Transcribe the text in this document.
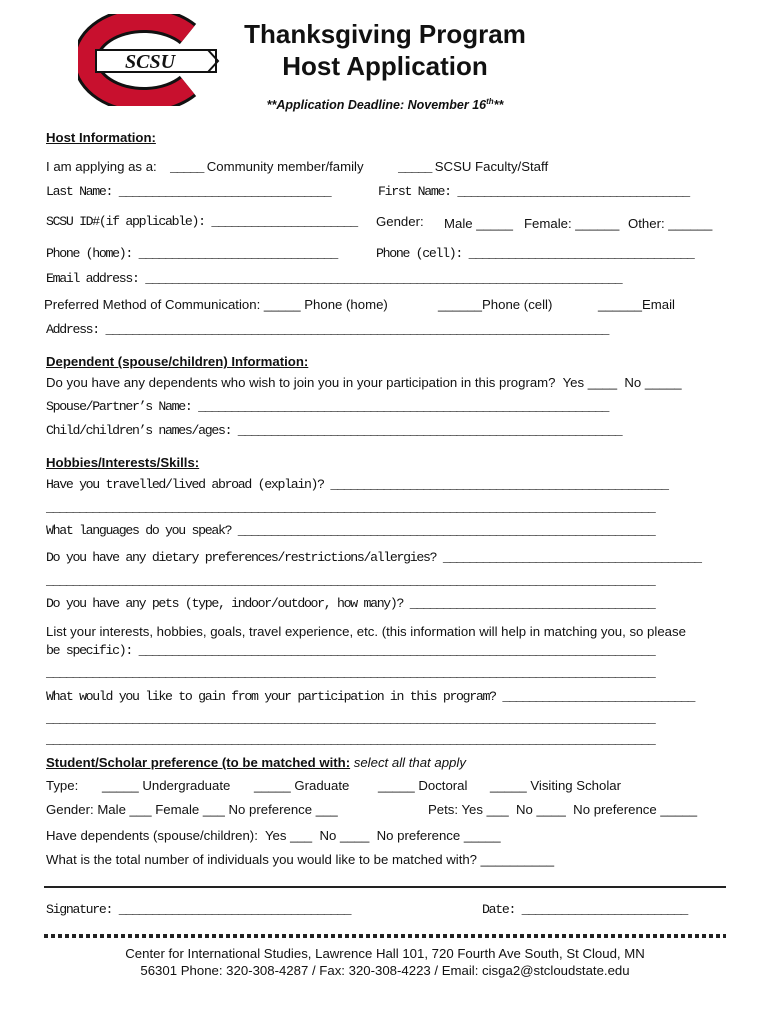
SCSU
Thanksgiving Program
Host Application
**Application Deadline: November 16th**
Host Information:
I am applying as a: _____ Community member/family	_____ SCSU Faculty/Staff
Last Name: ________________________________	First Name: ___________________________________
SCSU ID#(if applicable): ______________________ Gender: Male _____ Female: ______ Other: ______
Phone (home): ______________________________	Phone (cell): __________________________________
Email address: ________________________________________________________________________
Preferred Method of Communication: _____ Phone (home)	______Phone (cell)	______Email
Address: ____________________________________________________________________________
Dependent (spouse/children) Information:
Do you have any dependents who wish to join you in your participation in this program?  Yes ____  No _____
Spouse/Partner’s Name: ______________________________________________________________
Child/children’s names/ages: __________________________________________________________
Hobbies/Interests/Skills:
Have you travelled/lived abroad (explain)? ___________________________________________________
____________________________________________________________________________________________
What languages do you speak? _______________________________________________________________
Do you have any dietary preferences/restrictions/allergies? _______________________________________
____________________________________________________________________________________________
Do you have any pets (type, indoor/outdoor, how many)? _____________________________________
List your interests, hobbies, goals, travel experience, etc. (this information will help in matching you, so please
be specific): ______________________________________________________________________________
____________________________________________________________________________________________
What would you like to gain from your participation in this program? _____________________________
____________________________________________________________________________________________
____________________________________________________________________________________________
Student/Scholar preference (to be matched with: select all that apply
Type: _____ Undergraduate _____ Graduate _____ Doctoral _____ Visiting Scholar
Gender: Male ___ Female ___ No preference ___	Pets: Yes ___  No ____  No preference _____
Have dependents (spouse/children):  Yes ___  No ____  No preference _____
What is the total number of individuals you would like to be matched with? __________
Signature: ___________________________________	Date: _________________________
Center for International Studies, Lawrence Hall 101, 720 Fourth Ave South, St Cloud, MN
56301 Phone: 320-308-4287 / Fax: 320-308-4223 / Email: cisga2@stcloudstate.edu
